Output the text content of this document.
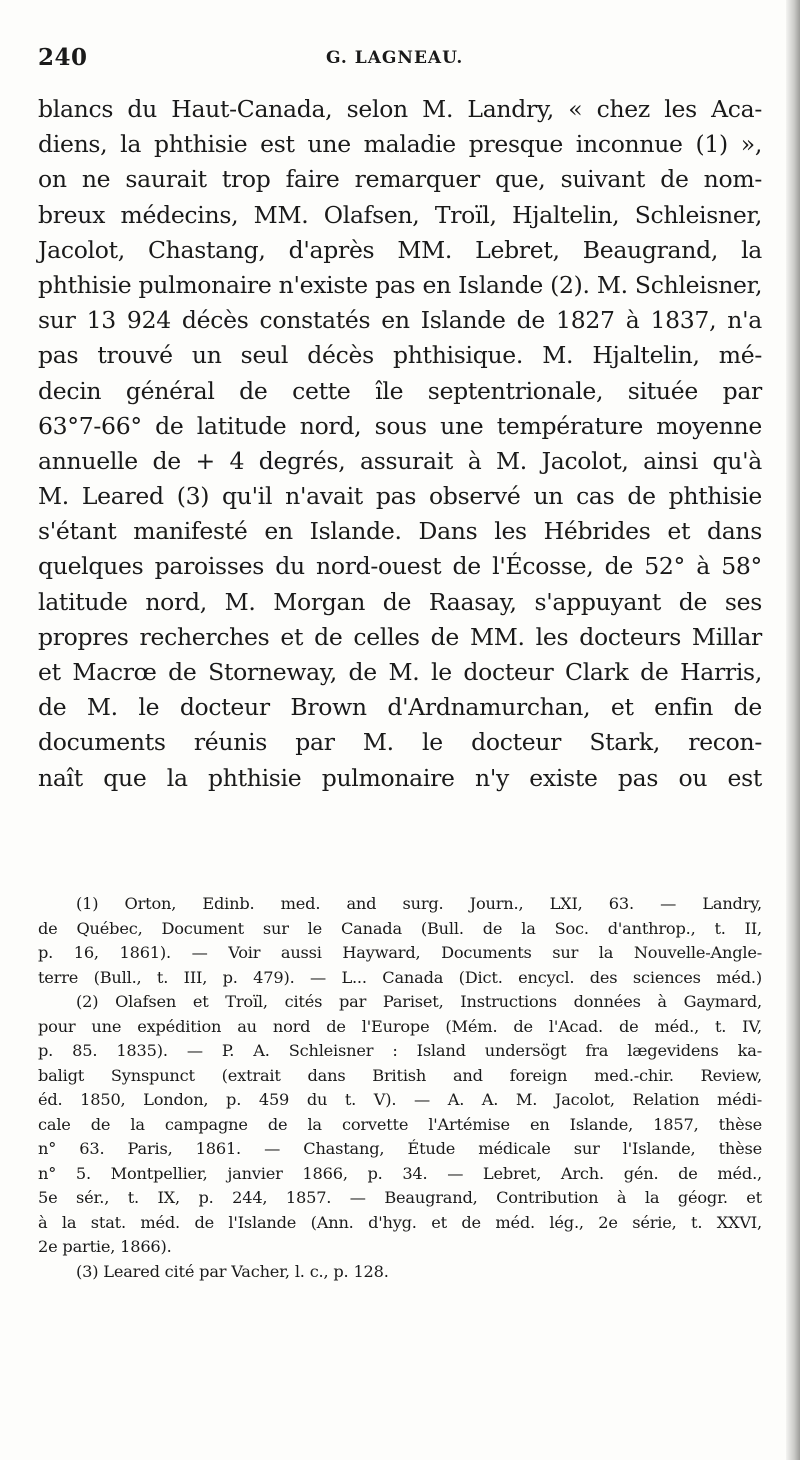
240	G. LAGNEAU.
blancs du Haut-Canada, selon M. Landry, « chez les Aca-
diens, la phthisie est une maladie presque inconnue (1) »,
on ne saurait trop faire remarquer que, suivant de nom-
breux médecins, MM. Olafsen, Troïl, Hjaltelin, Schleisner,
Jacolot, Chastang, d'après MM. Lebret, Beaugrand, la
phthisie pulmonaire n'existe pas en Islande (2). M. Schleisner,
sur 13 924 décès constatés en Islande de 1827 à 1837, n'a
pas trouvé un seul décès phthisique. M. Hjaltelin, mé-
decin général de cette île septentrionale, située par
63°7-66° de latitude nord, sous une température moyenne
annuelle de + 4 degrés, assurait à M. Jacolot, ainsi qu'à
M. Leared (3) qu'il n'avait pas observé un cas de phthisie
s'étant manifesté en Islande. Dans les Hébrides et dans
quelques paroisses du nord-ouest de l'Écosse, de 52° à 58°
latitude nord, M. Morgan de Raasay, s'appuyant de ses
propres recherches et de celles de MM. les docteurs Millar
et Macrœ de Storneway, de M. le docteur Clark de Harris,
de M. le docteur Brown d'Ardnamurchan, et enfin de
documents réunis par M. le docteur Stark, recon-
naît que la phthisie pulmonaire n'y existe pas ou est
(1) Orton, Edinb. med. and surg. Journ., LXI, 63. — Landry,
de Québec, Document sur le Canada (Bull. de la Soc. d'anthrop., t. II,
p. 16, 1861). — Voir aussi Hayward, Documents sur la Nouvelle-Angle-
terre (Bull., t. III, p. 479). — L... Canada (Dict. encycl. des sciences méd.)
(2) Olafsen et Troïl, cités par Pariset, Instructions données à Gaymard,
pour une expédition au nord de l'Europe (Mém. de l'Acad. de méd., t. IV,
p. 85. 1835). — P. A. Schleisner : Island undersögt fra lægevidens ka-
baligt Synspunct (extrait dans British and foreign med.-chir. Review,
éd. 1850, London, p. 459 du t. V). — A. A. M. Jacolot, Relation médi-
cale de la campagne de la corvette l'Artémise en Islande, 1857, thèse
n° 63. Paris, 1861. — Chastang, Étude médicale sur l'Islande, thèse
n° 5. Montpellier, janvier 1866, p. 34. — Lebret, Arch. gén. de méd.,
5e sér., t. IX, p. 244, 1857. — Beaugrand, Contribution à la géogr. et
à la stat. méd. de l'Islande (Ann. d'hyg. et de méd. lég., 2e série, t. XXVI,
2e partie, 1866).
(3) Leared cité par Vacher, l. c., p. 128.
